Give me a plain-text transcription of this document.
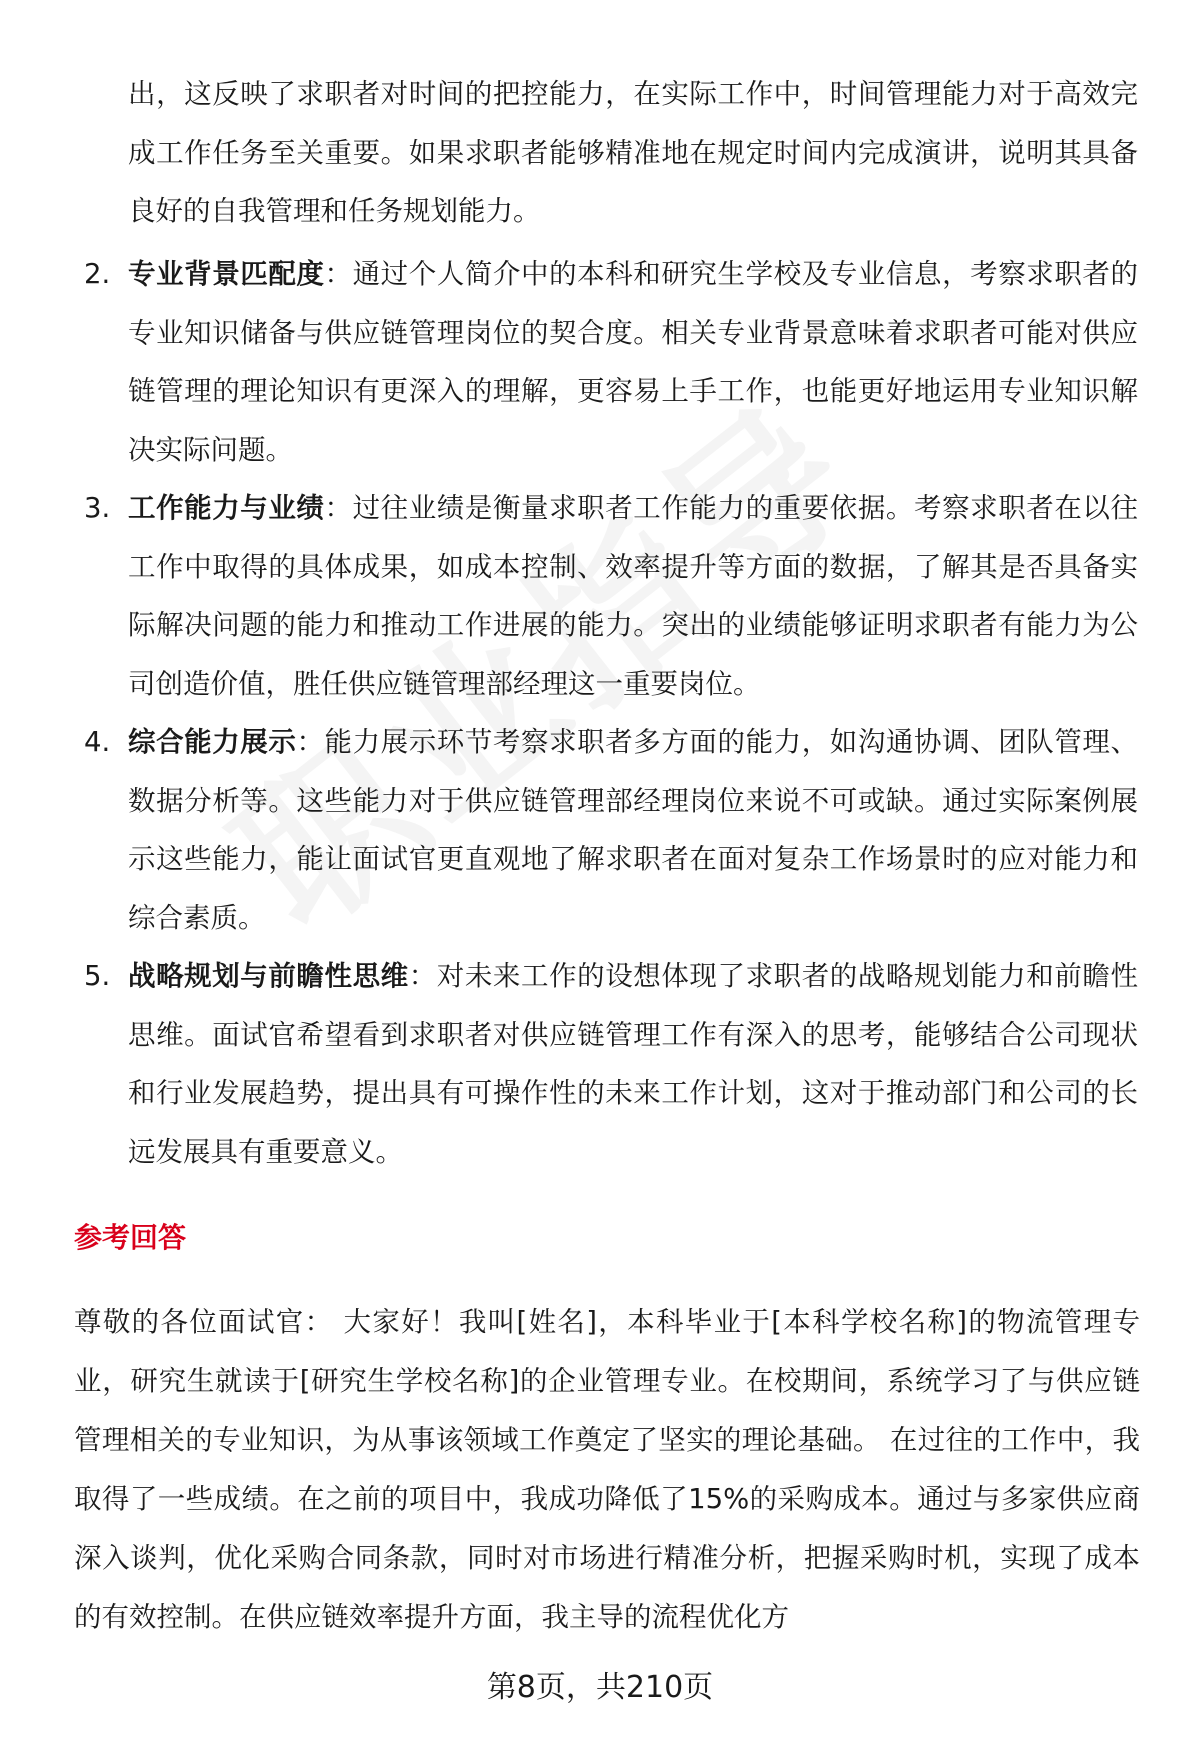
出，这反映了求职者对时间的把控能力，在实际工作中，时间管理能力对于高效完成工作任务至关重要。如果求职者能够精准地在规定时间内完成演讲，说明其具备良好的自我管理和任务规划能力。
2. 专业背景匹配度：通过个人简介中的本科和研究生学校及专业信息，考察求职者的专业知识储备与供应链管理岗位的契合度。相关专业背景意味着求职者可能对供应链管理的理论知识有更深入的理解，更容易上手工作，也能更好地运用专业知识解决实际问题。
3. 工作能力与业绩：过往业绩是衡量求职者工作能力的重要依据。考察求职者在以往工作中取得的具体成果，如成本控制、效率提升等方面的数据，了解其是否具备实际解决问题的能力和推动工作进展的能力。突出的业绩能够证明求职者有能力为公司创造价值，胜任供应链管理部经理这一重要岗位。
4. 综合能力展示：能力展示环节考察求职者多方面的能力，如沟通协调、团队管理、数据分析等。这些能力对于供应链管理部经理岗位来说不可或缺。通过实际案例展示这些能力，能让面试官更直观地了解求职者在面对复杂工作场景时的应对能力和综合素质。
5. 战略规划与前瞻性思维：对未来工作的设想体现了求职者的战略规划能力和前瞻性思维。面试官希望看到求职者对供应链管理工作有深入的思考，能够结合公司现状和行业发展趋势，提出具有可操作性的未来工作计划，这对于推动部门和公司的长远发展具有重要意义。
参考回答
尊敬的各位面试官： 大家好！我叫[姓名]，本科毕业于[本科学校名称]的物流管理专业，研究生就读于[研究生学校名称]的企业管理专业。在校期间，系统学习了与供应链管理相关的专业知识，为从事该领域工作奠定了坚实的理论基础。 在过往的工作中，我取得了一些成绩。在之前的项目中，我成功降低了15%的采购成本。通过与多家供应商深入谈判，优化采购合同条款，同时对市场进行精准分析，把握采购时机，实现了成本的有效控制。在供应链效率提升方面，我主导的流程优化方
第8页，共210页
